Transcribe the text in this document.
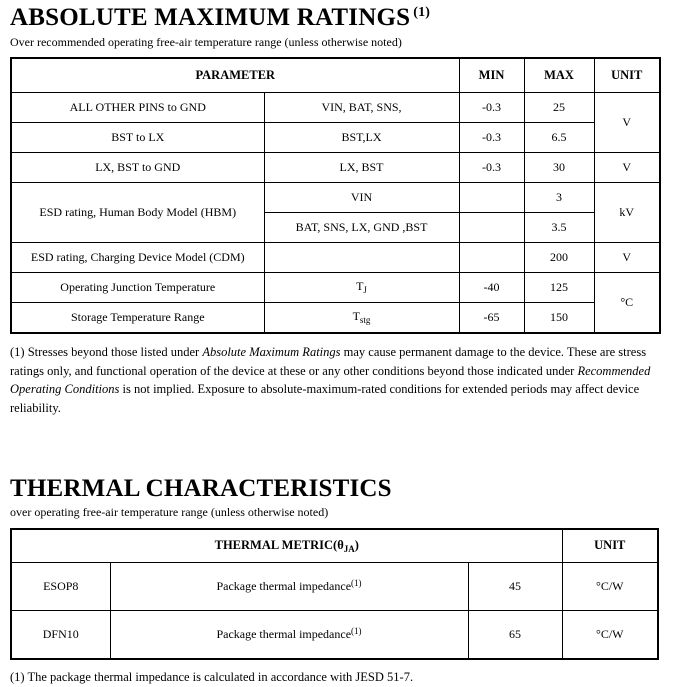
ABSOLUTE MAXIMUM RATINGS $^{(1)}$

Over recommended operating free-air temperature range (unless otherwise noted)

PARAMETER		MIN	MAX	UNIT
ALL OTHER PINS to GND	VIN, BAT, SNS,	-0.3	25	V
BST to LX	BST,LX	-0.3	6.5	
LX, BST to GND	LX, BST	-0.3	30	V
ESD rating, Human Body Model (HBM)	VIN		3	kV
	BAT, SNS, LX, GND ,BST		3.5	
ESD rating, Charging Device Model (CDM)			200	V
Operating Junction Temperature	$T_J$	-40	125	°C
Storage Temperature Range	$T_{stg}$	-65	150	

(1) Stresses beyond those listed under Absolute Maximum Ratings may cause permanent damage to the device. These are stress ratings only, and functional operation of the device at these or any other conditions beyond those indicated under Recommended Operating Conditions is not implied. Exposure to absolute-maximum-rated conditions for extended periods may affect device reliability.

THERMAL CHARACTERISTICS

over operating free-air temperature range (unless otherwise noted)

THERMAL $METRIC(\theta_{JA})$			UNIT
ESOP8	Package thermal impedance$^{(1)}$	45	°C/W
DFN10	Package thermal impedance$^{(1)}$	65	°C/W

(1) The package thermal impedance is calculated in accordance with JESD 51-7.
